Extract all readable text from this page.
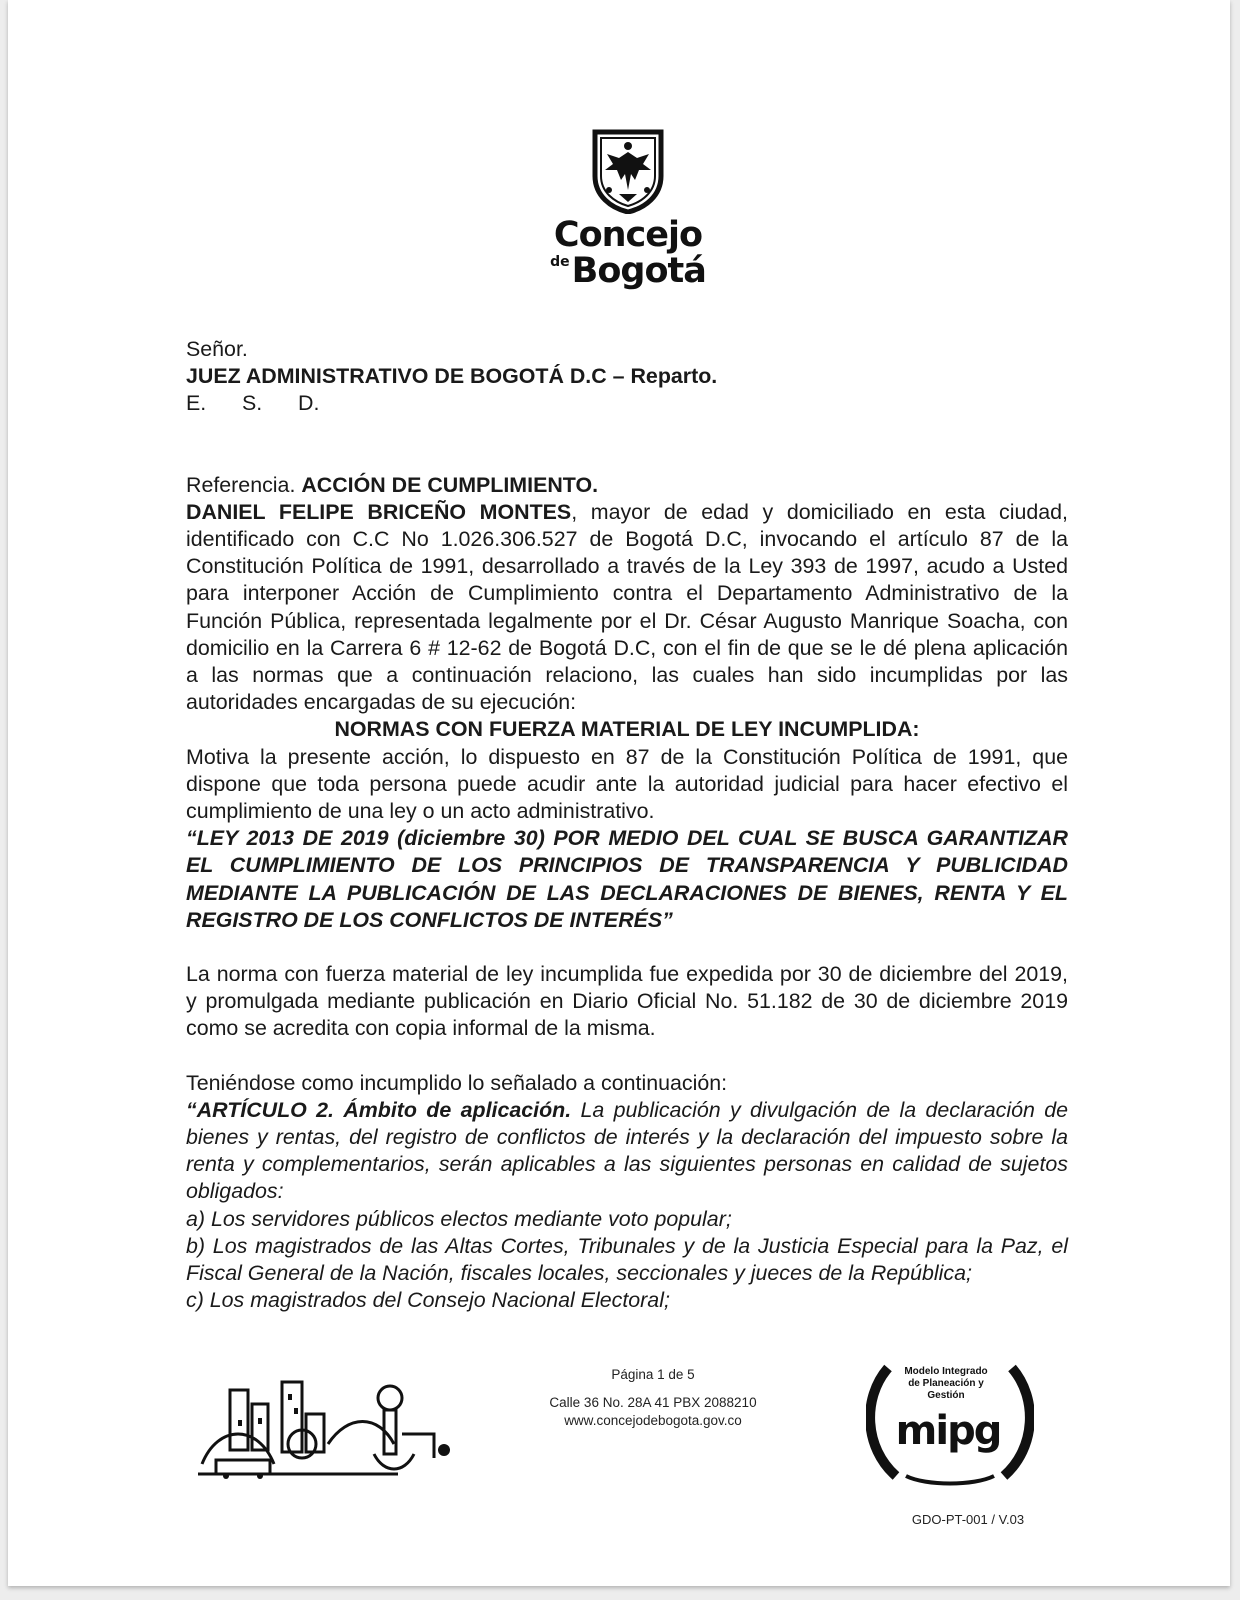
Concejo
deBogotá

Señor.

JUEZ ADMINISTRATIVO DE BOGOTÁ D.C – Reparto.

E. S. D.

Referencia. ACCIÓN DE CUMPLIMIENTO.

DANIEL FELIPE BRICEÑO MONTES, mayor de edad y domiciliado en esta ciudad, identificado con C.C No 1.026.306.527 de Bogotá D.C, invocando el artículo 87 de la Constitución Política de 1991, desarrollado a través de la Ley 393 de 1997, acudo a Usted para interponer Acción de Cumplimiento contra el Departamento Administrativo de la Función Pública, representada legalmente por el Dr. César Augusto Manrique Soacha, con domicilio en la Carrera 6 # 12-62 de Bogotá D.C, con el fin de que se le dé plena aplicación a las normas que a continuación relaciono, las cuales han sido incumplidas por las autoridades encargadas de su ejecución:

NORMAS CON FUERZA MATERIAL DE LEY INCUMPLIDA:

Motiva la presente acción, lo dispuesto en 87 de la Constitución Política de 1991, que dispone que toda persona puede acudir ante la autoridad judicial para hacer efectivo el cumplimiento de una ley o un acto administrativo.

“LEY 2013 DE 2019 (diciembre 30) POR MEDIO DEL CUAL SE BUSCA GARANTIZAR EL CUMPLIMIENTO DE LOS PRINCIPIOS DE TRANSPARENCIA Y PUBLICIDAD MEDIANTE LA PUBLICACIÓN DE LAS DECLARACIONES DE BIENES, RENTA Y EL REGISTRO DE LOS CONFLICTOS DE INTERÉS”

La norma con fuerza material de ley incumplida fue expedida por 30 de diciembre del 2019, y promulgada mediante publicación en Diario Oficial No. 51.182 de 30 de diciembre 2019 como se acredita con copia informal de la misma.

Teniéndose como incumplido lo señalado a continuación:

“ARTÍCULO 2. Ámbito de aplicación. La publicación y divulgación de la declaración de bienes y rentas, del registro de conflictos de interés y la declaración del impuesto sobre la renta y complementarios, serán aplicables a las siguientes personas en calidad de sujetos obligados:

a) Los servidores públicos electos mediante voto popular;

b) Los magistrados de las Altas Cortes, Tribunales y de la Justicia Especial para la Paz, el Fiscal General de la Nación, fiscales locales, seccionales y jueces de la República;

c) Los magistrados del Consejo Nacional Electoral;

Página 1 de 5
Calle 36 No. 28A 41 PBX 2088210
www.concejodebogota.gov.co
Modelo Integrado
de Planeación y
Gestión
mipg
GDO-PT-001 / V.03
